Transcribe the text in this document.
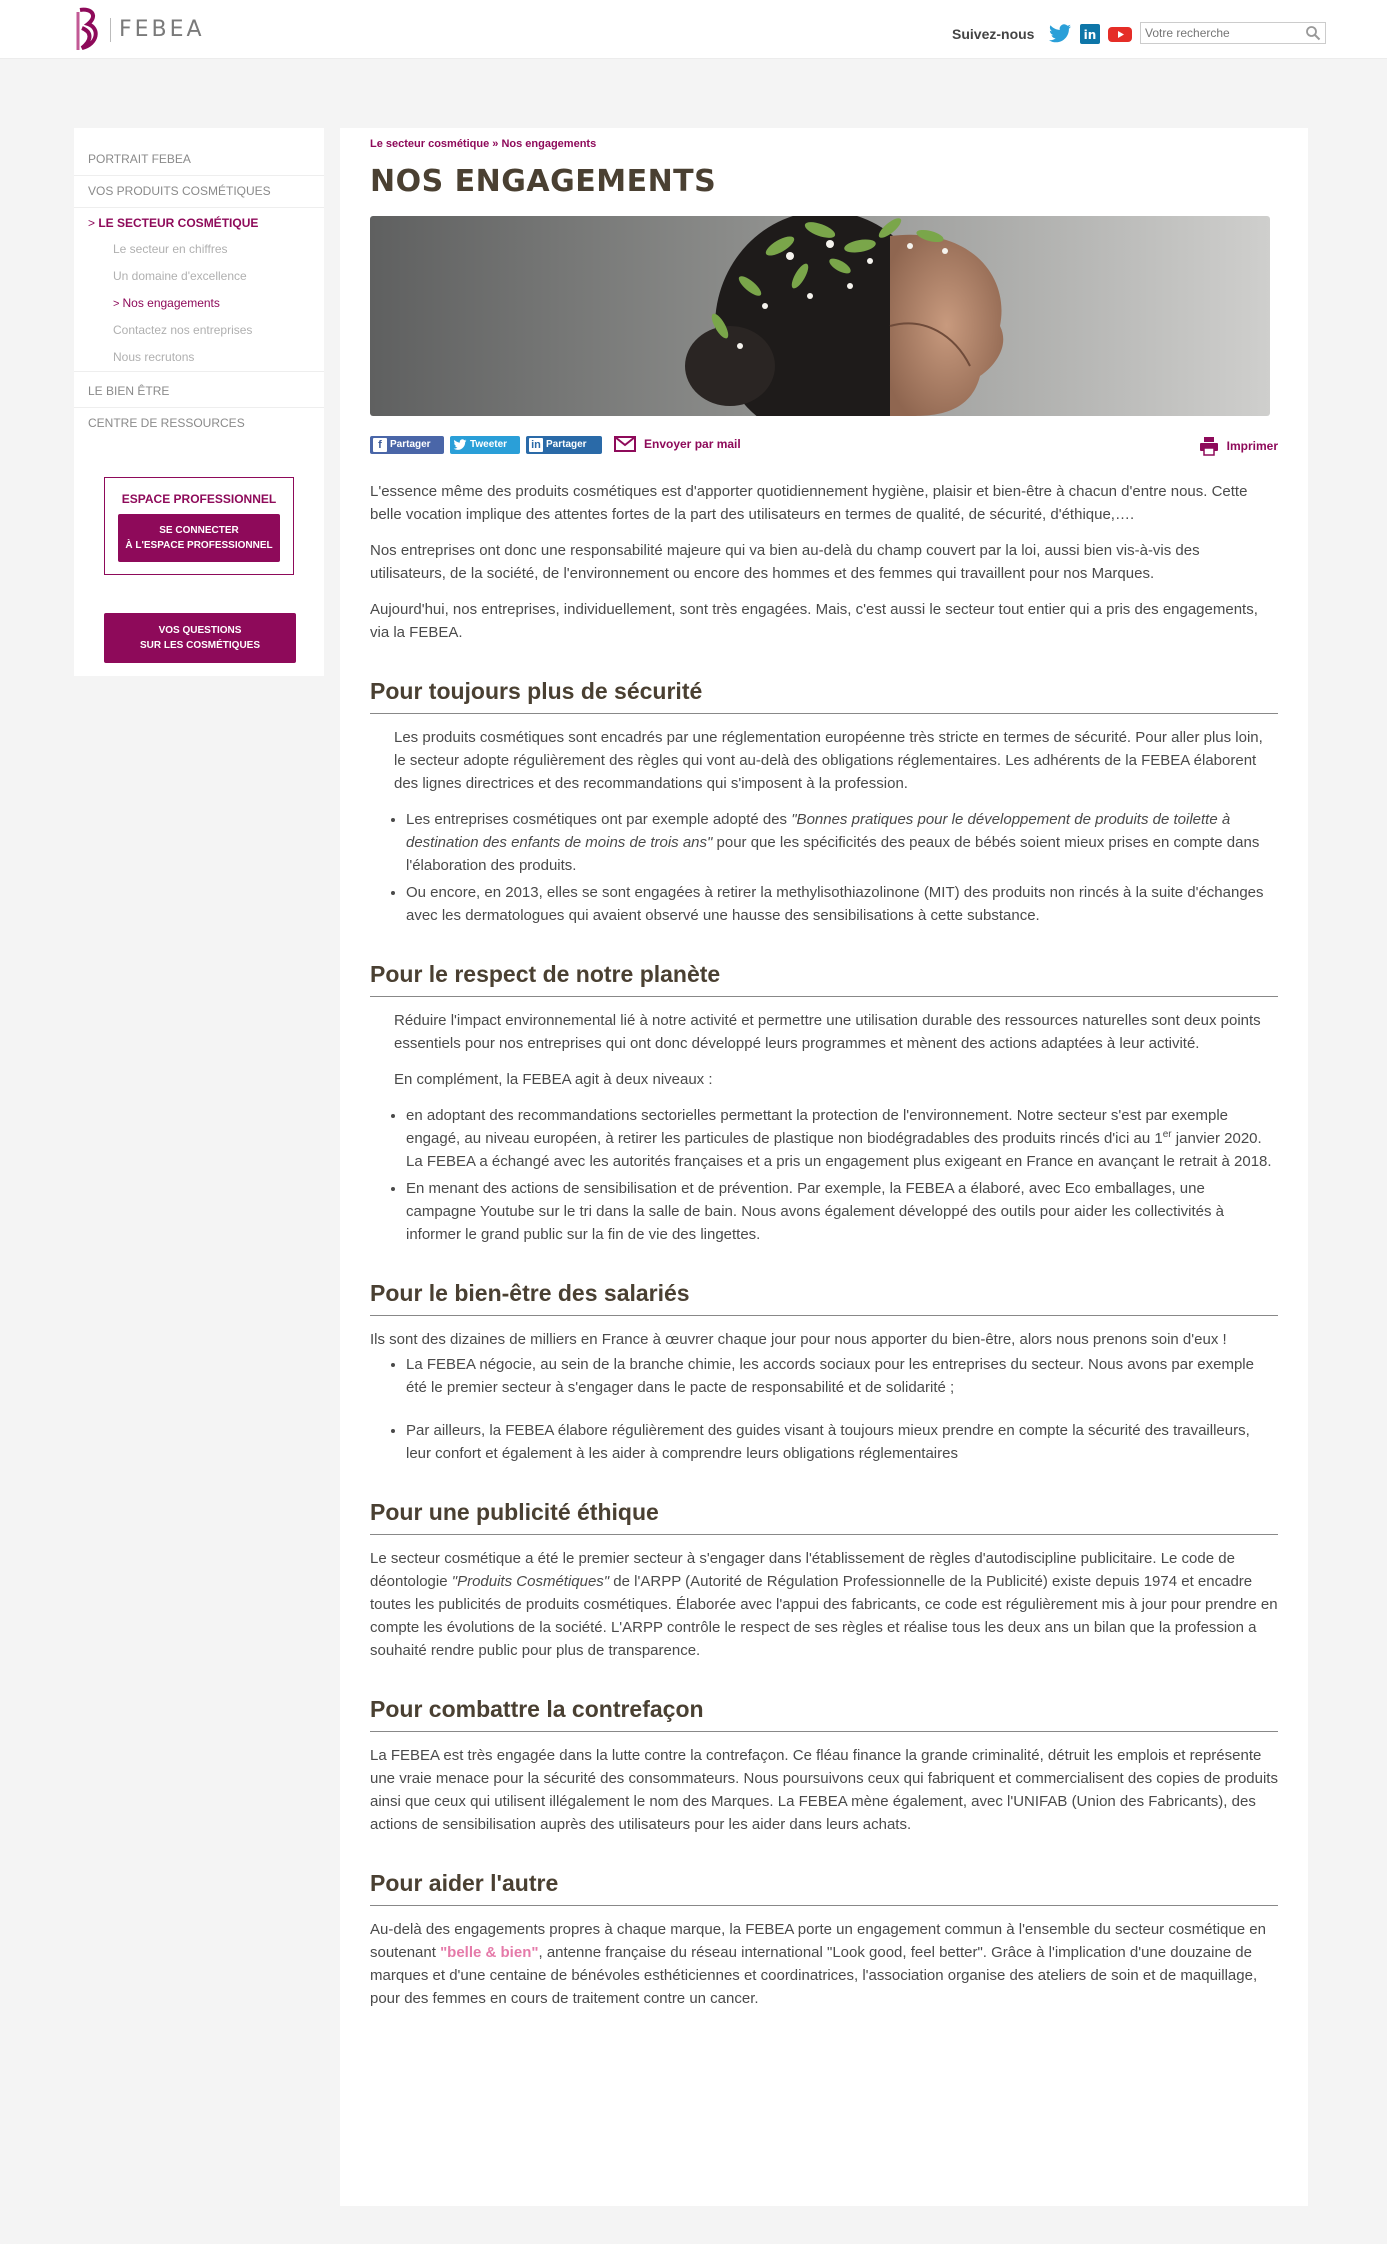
FEBEA	Suivez-nous	in
Votre recherche
PORTRAIT FEBEA
VOS PRODUITS COSMÉTIQUES
> LE SECTEUR COSMÉTIQUE
Le secteur en chiffres
Un domaine d'excellence
> Nos engagements
Contactez nos entreprises
Nous recrutons
LE BIEN ÊTRE
CENTRE DE RESSOURCES
ESPACE PROFESSIONNEL
SE CONNECTER
À L'ESPACE PROFESSIONNEL
VOS QUESTIONS
SUR LES COSMÉTIQUES
Le secteur cosmétique » Nos engagements
NOS ENGAGEMENTS
f Partager	Tweeter	in Partager	Envoyer par mail	Imprimer

L'essence même des produits cosmétiques est d'apporter quotidiennement hygiène, plaisir et bien-être à chacun d'entre nous. Cette belle vocation implique des attentes fortes de la part des utilisateurs en termes de qualité, de sécurité, d'éthique,….

Nos entreprises ont donc une responsabilité majeure qui va bien au-delà du champ couvert par la loi, aussi bien vis-à-vis des utilisateurs, de la société, de l'environnement ou encore des hommes et des femmes qui travaillent pour nos Marques.

Aujourd'hui, nos entreprises, individuellement, sont très engagées. Mais, c'est aussi le secteur tout entier qui a pris des engagements, via la FEBEA.

Pour toujours plus de sécurité

Les produits cosmétiques sont encadrés par une réglementation européenne très stricte en termes de sécurité. Pour aller plus loin, le secteur adopte régulièrement des règles qui vont au-delà des obligations réglementaires. Les adhérents de la FEBEA élaborent des lignes directrices et des recommandations qui s'imposent à la profession.

• Les entreprises cosmétiques ont par exemple adopté des "Bonnes pratiques pour le développement de produits de toilette à destination des enfants de moins de trois ans" pour que les spécificités des peaux de bébés soient mieux prises en compte dans l'élaboration des produits.
• Ou encore, en 2013, elles se sont engagées à retirer la methylisothiazolinone (MIT) des produits non rincés à la suite d'échanges avec les dermatologues qui avaient observé une hausse des sensibilisations à cette substance.
Pour le respect de notre planète

Réduire l'impact environnemental lié à notre activité et permettre une utilisation durable des ressources naturelles sont deux points essentiels pour nos entreprises qui ont donc développé leurs programmes et mènent des actions adaptées à leur activité.

En complément, la FEBEA agit à deux niveaux :

• en adoptant des recommandations sectorielles permettant la protection de l'environnement. Notre secteur s'est par exemple engagé, au niveau européen, à retirer les particules de plastique non biodégradables des produits rincés d'ici au 1er janvier 2020. La FEBEA a échangé avec les autorités françaises et a pris un engagement plus exigeant en France en avançant le retrait à 2018.
• En menant des actions de sensibilisation et de prévention. Par exemple, la FEBEA a élaboré, avec Eco emballages, une campagne Youtube sur le tri dans la salle de bain. Nous avons également développé des outils pour aider les collectivités à informer le grand public sur la fin de vie des lingettes.
Pour le bien-être des salariés

Ils sont des dizaines de milliers en France à œuvrer chaque jour pour nous apporter du bien-être, alors nous prenons soin d'eux !

• La FEBEA négocie, au sein de la branche chimie, les accords sociaux pour les entreprises du secteur. Nous avons par exemple été le premier secteur à s'engager dans le pacte de responsabilité et de solidarité ;
• Par ailleurs, la FEBEA élabore régulièrement des guides visant à toujours mieux prendre en compte la sécurité des travailleurs, leur confort et également à les aider à comprendre leurs obligations réglementaires
Pour une publicité éthique

Le secteur cosmétique a été le premier secteur à s'engager dans l'établissement de règles d'autodiscipline publicitaire. Le code de déontologie "Produits Cosmétiques" de l'ARPP (Autorité de Régulation Professionnelle de la Publicité) existe depuis 1974 et encadre toutes les publicités de produits cosmétiques. Élaborée avec l'appui des fabricants, ce code est régulièrement mis à jour pour prendre en compte les évolutions de la société. L'ARPP contrôle le respect de ses règles et réalise tous les deux ans un bilan que la profession a souhaité rendre public pour plus de transparence.

Pour combattre la contrefaçon

La FEBEA est très engagée dans la lutte contre la contrefaçon. Ce fléau finance la grande criminalité, détruit les emplois et représente une vraie menace pour la sécurité des consommateurs. Nous poursuivons ceux qui fabriquent et commercialisent des copies de produits ainsi que ceux qui utilisent illégalement le nom des Marques. La FEBEA mène également, avec l'UNIFAB (Union des Fabricants), des actions de sensibilisation auprès des utilisateurs pour les aider dans leurs achats.

Pour aider l'autre

Au-delà des engagements propres à chaque marque, la FEBEA porte un engagement commun à l'ensemble du secteur cosmétique en soutenant "belle & bien", antenne française du réseau international "Look good, feel better". Grâce à l'implication d'une douzaine de marques et d'une centaine de bénévoles esthéticiennes et coordinatrices, l'association organise des ateliers de soin et de maquillage, pour des femmes en cours de traitement contre un cancer.
